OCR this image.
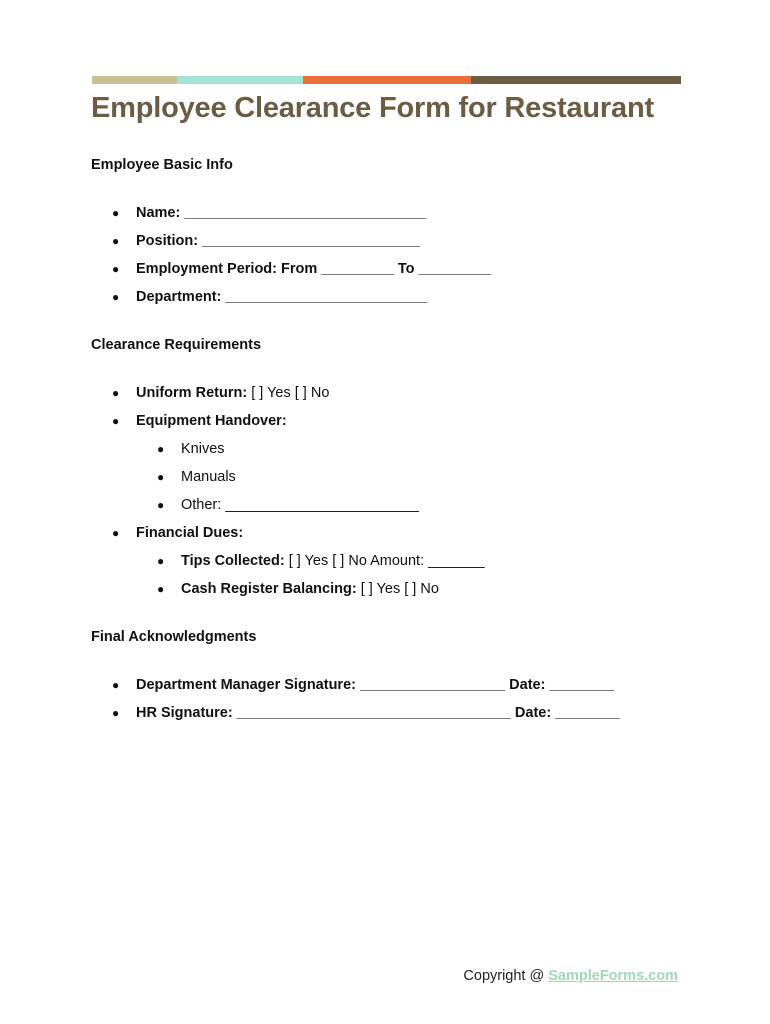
Employee Clearance Form for Restaurant
Employee Basic Info
● Name: ______________________________
● Position: ___________________________
● Employment Period: From _________ To _________
● Department: _________________________
Clearance Requirements
● Uniform Return: [ ] Yes [ ] No
● Equipment Handover:
● Knives
● Manuals
● Other: ________________________
● Financial Dues:
● Tips Collected: [ ] Yes [ ] No Amount: _______
● Cash Register Balancing: [ ] Yes [ ] No
Final Acknowledgments
● Department Manager Signature: __________________ Date: ________
● HR Signature: __________________________________ Date: ________
Copyright @ SampleForms.com
